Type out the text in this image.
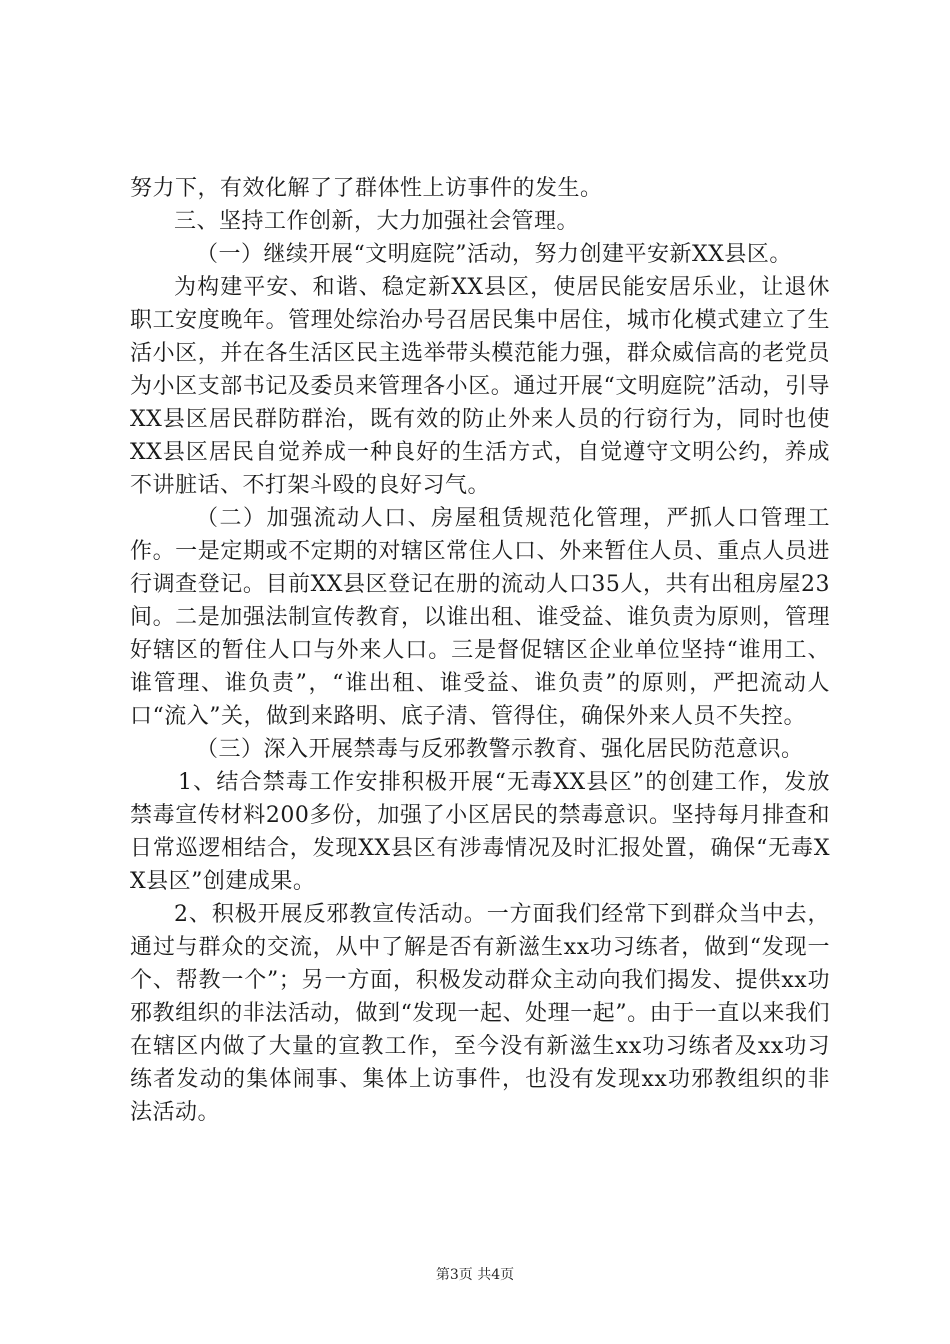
努力下，有效化解了了群体性上访事件的发生。

三、坚持工作创新，大力加强社会管理。

（一）继续开展“文明庭院”活动，努力创建平安新XX县区。

为构建平安、和谐、稳定新XX县区，使居民能安居乐业，让退休职工安度晚年。管理处综治办号召居民集中居住，城市化模式建立了生活小区，并在各生活区民主选举带头模范能力强，群众威信高的老党员为小区支部书记及委员来管理各小区。通过开展“文明庭院”活动，引导XX县区居民群防群治，既有效的防止外来人员的行窃行为，同时也使XX县区居民自觉养成一种良好的生活方式，自觉遵守文明公约，养成不讲脏话、不打架斗殴的良好习气。

（二）加强流动人口、房屋租赁规范化管理，严抓人口管理工作。一是定期或不定期的对辖区常住人口、外来暂住人员、重点人员进行调查登记。目前XX县区登记在册的流动人口35人，共有出租房屋23间。二是加强法制宣传教育，以谁出租、谁受益、谁负责为原则，管理好辖区的暂住人口与外来人口。三是督促辖区企业单位坚持“谁用工、谁管理、谁负责”，“谁出租、谁受益、谁负责”的原则，严把流动人口“流入”关，做到来路明、底子清、管得住，确保外来人员不失控。

（三）深入开展禁毒与反邪教警示教育、强化居民防范意识。

1、结合禁毒工作安排积极开展“无毒XX县区”的创建工作，发放禁毒宣传材料200多份，加强了小区居民的禁毒意识。坚持每月排查和日常巡逻相结合，发现XX县区有涉毒情况及时汇报处置，确保“无毒XX县区”创建成果。

2、积极开展反邪教宣传活动。一方面我们经常下到群众当中去，通过与群众的交流，从中了解是否有新滋生xx功习练者，做到“发现一个、帮教一个”；另一方面，积极发动群众主动向我们揭发、提供xx功邪教组织的非法活动，做到“发现一起、处理一起”。由于一直以来我们在辖区内做了大量的宣教工作，至今没有新滋生xx功习练者及xx功习练者发动的集体闹事、集体上访事件，也没有发现xx功邪教组织的非法活动。

第3页 共4页
